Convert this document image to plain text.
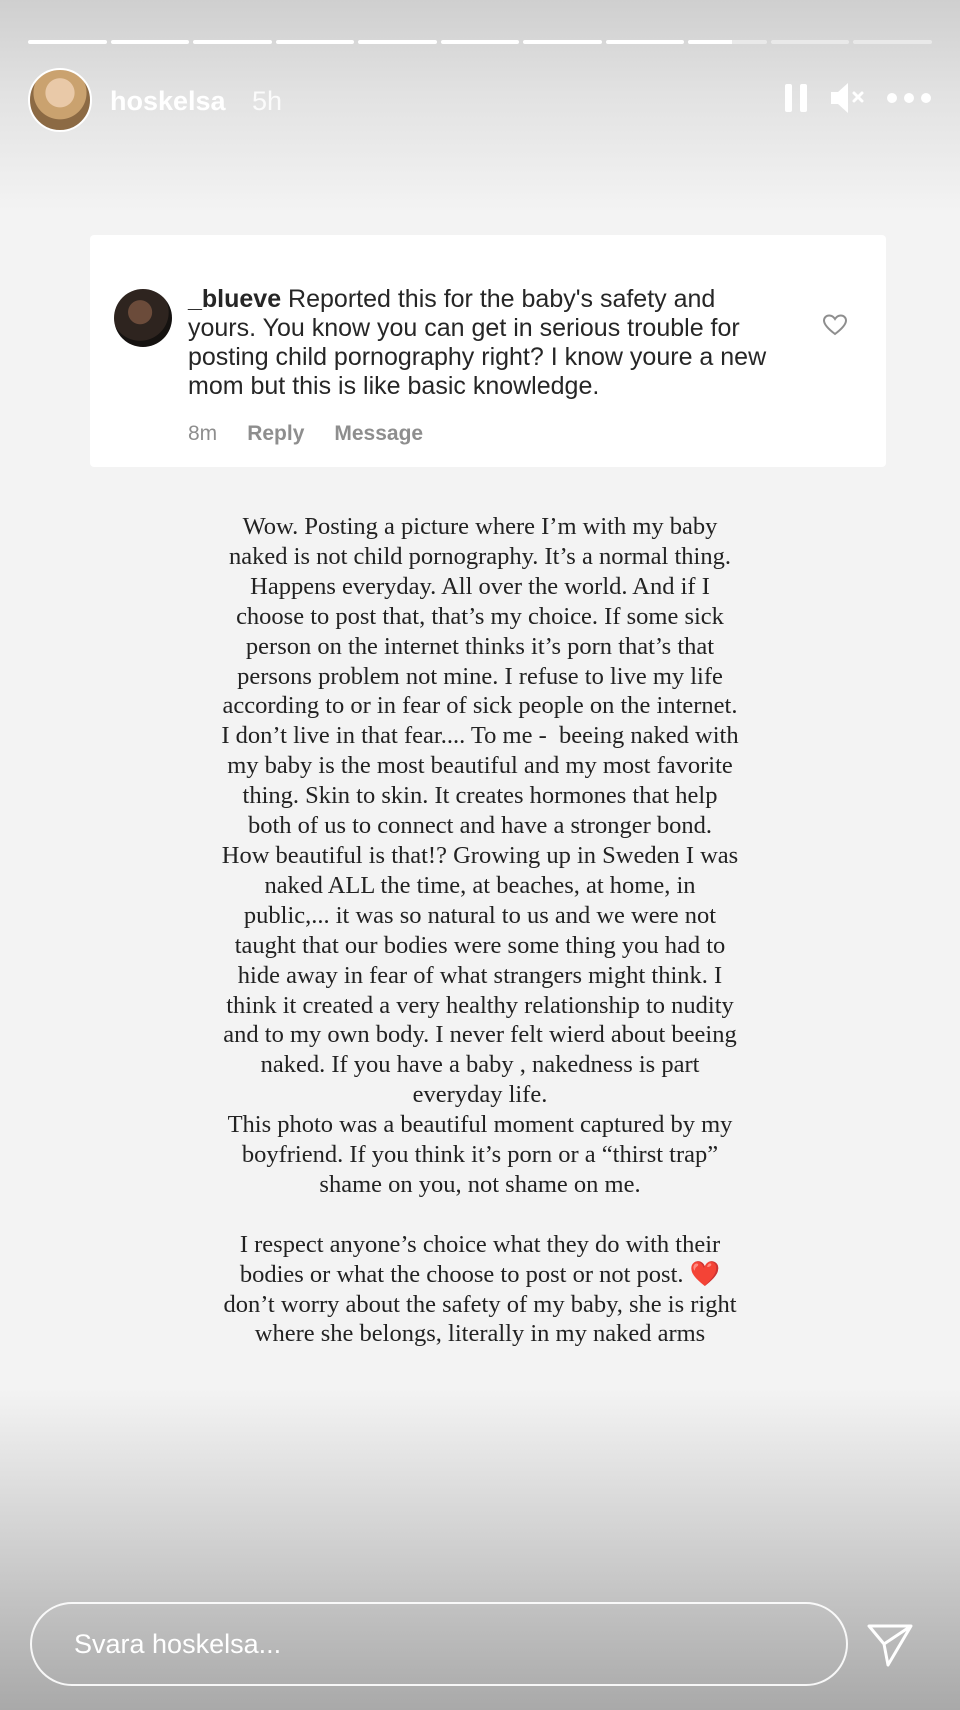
hoskelsa 5h
_blueve Reported this for the baby's safety and yours. You know you can get in serious trouble for posting child pornography right? I know youre a new mom but this is like basic knowledge.
8m Reply Message
Wow. Posting a picture where I’m with my baby naked is not child pornography. It’s a normal thing. Happens everyday. All over the world. And if I choose to post that, that’s my choice. If some sick person on the internet thinks it’s porn that’s that persons problem not mine. I refuse to live my life according to or in fear of sick people on the internet. I don’t live in that fear.... To me -  beeing naked with my baby is the most beautiful and my most favorite thing. Skin to skin. It creates hormones that help both of us to connect and have a stronger bond.  How beautiful is that!? Growing up in Sweden I was naked ALL the time, at beaches, at home, in public,... it was so natural to us and we were not taught that our bodies were some thing you had to hide away in fear of what strangers might think. I think it created a very healthy relationship to nudity and to my own body. I never felt wierd about beeing naked. If you have a baby , nakedness is part everyday life.
This photo was a beautiful moment captured by my boyfriend. If you think it’s porn or a “thirst trap” shame on you, not shame on me.

I respect anyone’s choice what they do with their bodies or what the choose to post or not post. ❤️ don’t worry about the safety of my baby, she is right where she belongs, literally in my naked arms
Svara hoskelsa...
